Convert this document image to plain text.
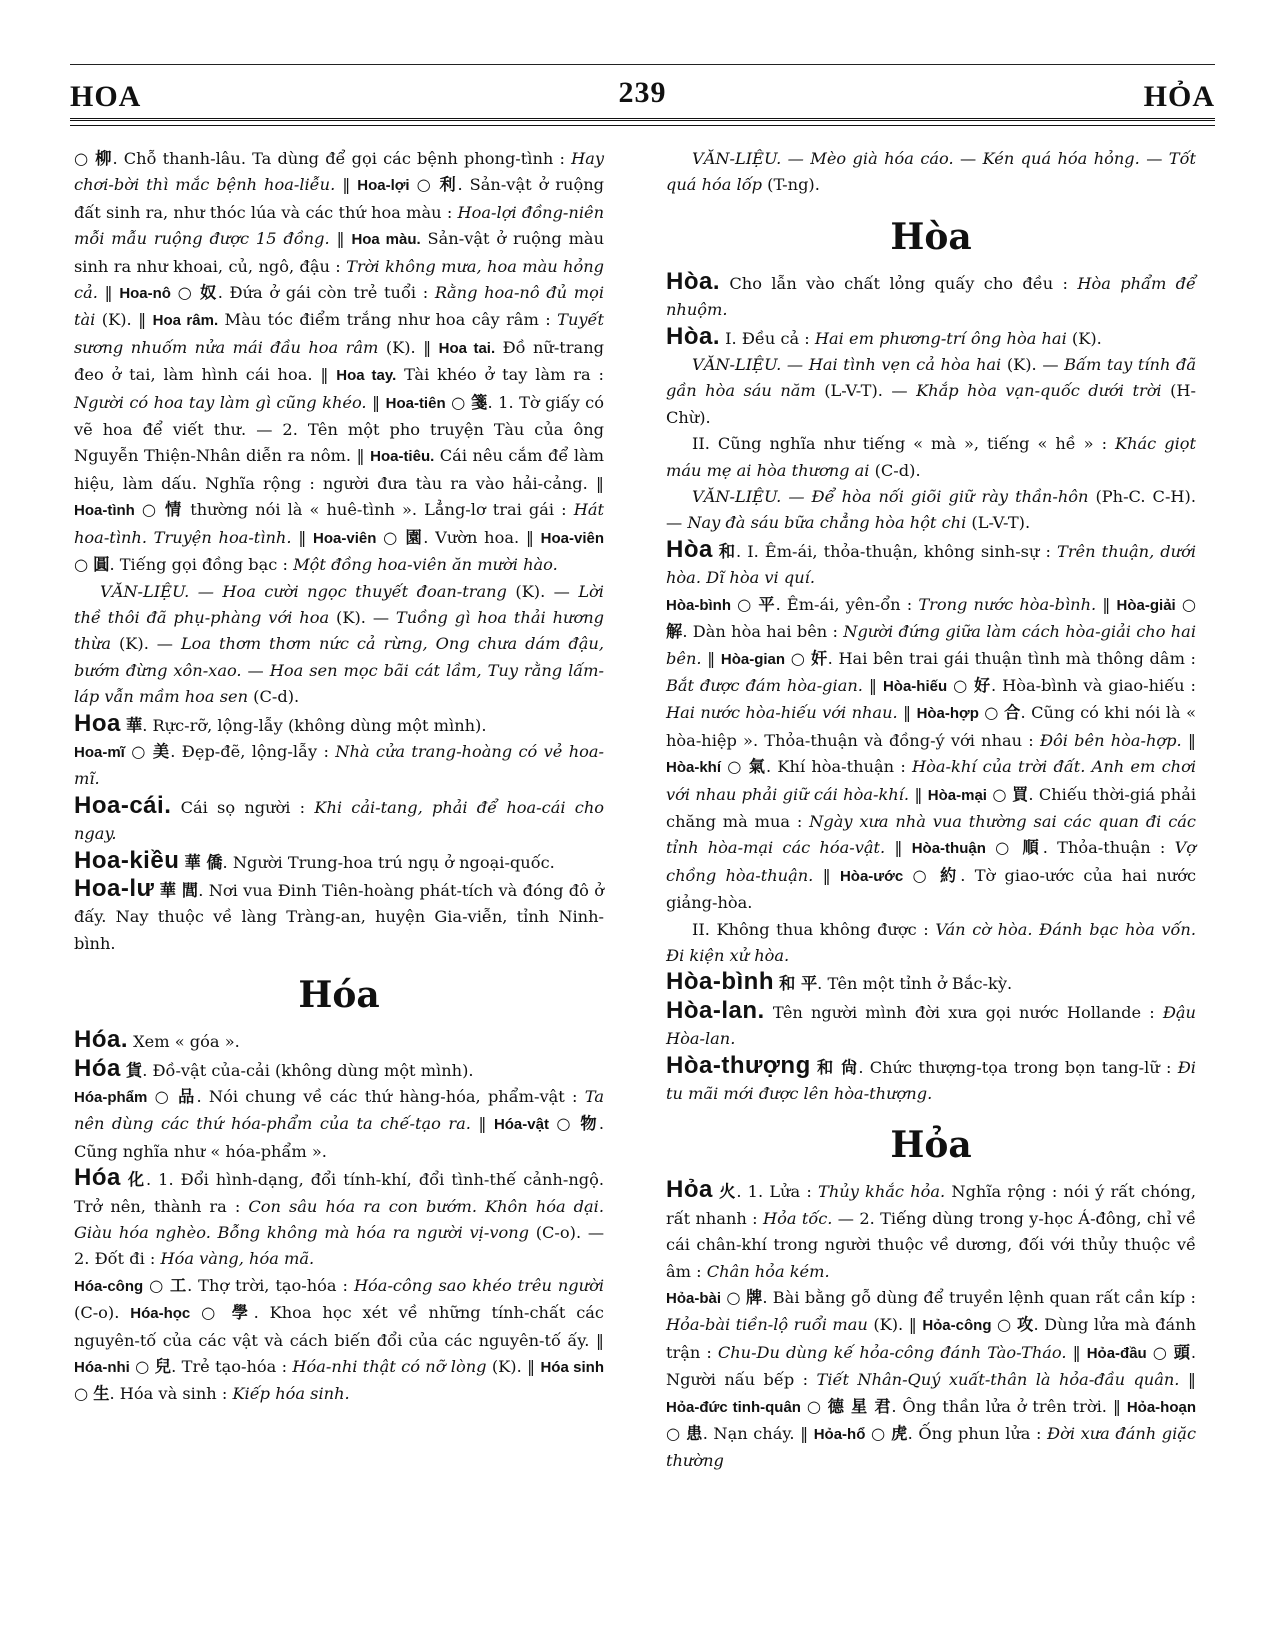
HOA	239	HỎA

○ 柳. Chỗ thanh-lâu. Ta dùng để gọi các bệnh phong-tình : Hay chơi-bời thì mắc bệnh hoa-liễu. ‖ Hoa-lợi ○ 利. Sản-vật ở ruộng đất sinh ra, như thóc lúa và các thứ hoa màu : Hoa-lợi đồng-niên mỗi mẫu ruộng được 15 đồng. ‖ Hoa màu. Sản-vật ở ruộng màu sinh ra như khoai, củ, ngô, đậu : Trời không mưa, hoa màu hỏng cả. ‖ Hoa-nô ○ 奴. Đứa ở gái còn trẻ tuổi : Rằng hoa-nô đủ mọi tài (K). ‖ Hoa râm. Màu tóc điểm trắng như hoa cây râm : Tuyết sương nhuốm nửa mái đầu hoa râm (K). ‖ Hoa tai. Đồ nữ-trang đeo ở tai, làm hình cái hoa. ‖ Hoa tay. Tài khéo ở tay làm ra : Người có hoa tay làm gì cũng khéo. ‖ Hoa-tiên ○ 箋. 1. Tờ giấy có vẽ hoa để viết thư. — 2. Tên một pho truyện Tàu của ông Nguyễn Thiện-Nhân diễn ra nôm. ‖ Hoa-tiêu. Cái nêu cắm để làm hiệu, làm dấu. Nghĩa rộng : người đưa tàu ra vào hải-cảng. ‖ Hoa-tình ○ 情 thường nói là « huê-tình ». Lẳng-lơ trai gái : Hát hoa-tình. Truyện hoa-tình. ‖ Hoa-viên ○ 園. Vườn hoa. ‖ Hoa-viên ○ 圓. Tiếng gọi đồng bạc : Một đồng hoa-viên ăn mười hào.

VĂN-LIỆU. — Hoa cười ngọc thuyết đoan-trang (K). — Lời thề thôi đã phụ-phàng với hoa (K). — Tuồng gì hoa thải hương thừa (K). — Loa thơm thơm nức cả rừng, Ong chưa dám đậu, bướm đừng xôn-xao. — Hoa sen mọc bãi cát lầm, Tuy rằng lấm-láp vẫn mầm hoa sen (C-d).

Hoa 華. Rực-rỡ, lộng-lẫy (không dùng một mình).

Hoa-mĩ ○ 美. Đẹp-đẽ, lộng-lẫy : Nhà cửa trang-hoàng có vẻ hoa-mĩ.

Hoa-cái. Cái sọ người : Khi cải-tang, phải để hoa-cái cho ngay.

Hoa-kiều 華 僑. Người Trung-hoa trú ngụ ở ngoại-quốc.

Hoa-lư 華 閭. Nơi vua Đinh Tiên-hoàng phát-tích và đóng đô ở đấy. Nay thuộc về làng Tràng-an, huyện Gia-viễn, tỉnh Ninh-bình.

Hóa

Hóa. Xem « góa ».

Hóa 貨. Đồ-vật của-cải (không dùng một mình).

Hóa-phẩm ○ 品. Nói chung về các thứ hàng-hóa, phẩm-vật : Ta nên dùng các thứ hóa-phẩm của ta chế-tạo ra. ‖ Hóa-vật ○ 物. Cũng nghĩa như « hóa-phẩm ».

Hóa 化. 1. Đổi hình-dạng, đổi tính-khí, đổi tình-thế cảnh-ngộ. Trở nên, thành ra : Con sâu hóa ra con bướm. Khôn hóa dại. Giàu hóa nghèo. Bỗng không mà hóa ra người vị-vong (C-o). — 2. Đốt đi : Hóa vàng, hóa mã.

Hóa-công ○ 工. Thợ trời, tạo-hóa : Hóa-công sao khéo trêu người (C-o). Hóa-học ○ 學. Khoa học xét về những tính-chất các nguyên-tố của các vật và cách biến đổi của các nguyên-tố ấy. ‖ Hóa-nhi ○ 兒. Trẻ tạo-hóa : Hóa-nhi thật có nỡ lòng (K). ‖ Hóa sinh ○ 生. Hóa và sinh : Kiếp hóa sinh.

VĂN-LIỆU. — Mèo già hóa cáo. — Kén quá hóa hỏng. — Tốt quá hóa lốp (T-ng).

Hòa

Hòa. Cho lẫn vào chất lỏng quấy cho đều : Hòa phẩm để nhuộm.

Hòa. I. Đều cả : Hai em phương-trí ông hòa hai (K).

VĂN-LIỆU. — Hai tình vẹn cả hòa hai (K). — Bấm tay tính đã gần hòa sáu năm (L-V-T). — Khắp hòa vạn-quốc dưới trời (H-Chừ).

II. Cũng nghĩa như tiếng « mà », tiếng « hề » : Khác giọt máu mẹ ai hòa thương ai (C-d).

VĂN-LIỆU. — Để hòa nối giõi giữ rày thần-hôn (Ph-C. C-H). — Nay đà sáu bữa chẳng hòa hột chi (L-V-T).

Hòa 和. I. Êm-ái, thỏa-thuận, không sinh-sự : Trên thuận, dưới hòa. Dĩ hòa vi quí.

Hòa-bình ○ 平. Êm-ái, yên-ổn : Trong nước hòa-bình. ‖ Hòa-giải ○ 解. Dàn hòa hai bên : Người đứng giữa làm cách hòa-giải cho hai bên. ‖ Hòa-gian ○ 奸. Hai bên trai gái thuận tình mà thông dâm : Bắt được đám hòa-gian. ‖ Hòa-hiếu ○ 好. Hòa-bình và giao-hiếu : Hai nước hòa-hiếu với nhau. ‖ Hòa-hợp ○ 合. Cũng có khi nói là « hòa-hiệp ». Thỏa-thuận và đồng-ý với nhau : Đôi bên hòa-hợp. ‖ Hòa-khí ○ 氣. Khí hòa-thuận : Hòa-khí của trời đất. Anh em chơi với nhau phải giữ cái hòa-khí. ‖ Hòa-mại ○ 買. Chiếu thời-giá phải chăng mà mua : Ngày xưa nhà vua thường sai các quan đi các tỉnh hòa-mại các hóa-vật. ‖ Hòa-thuận ○ 順. Thỏa-thuận : Vợ chồng hòa-thuận. ‖ Hòa-ước ○ 約. Tờ giao-ước của hai nước giảng-hòa.

II. Không thua không được : Ván cờ hòa. Đánh bạc hòa vốn. Đi kiện xử hòa.

Hòa-bình 和 平. Tên một tỉnh ở Bắc-kỳ.

Hòa-lan. Tên người mình đời xưa gọi nước Hollande : Đậu Hòa-lan.

Hòa-thượng 和 尙. Chức thượng-tọa trong bọn tang-lữ : Đi tu mãi mới được lên hòa-thượng.

Hỏa

Hỏa 火. 1. Lửa : Thủy khắc hỏa. Nghĩa rộng : nói ý rất chóng, rất nhanh : Hỏa tốc. — 2. Tiếng dùng trong y-học Á-đông, chỉ về cái chân-khí trong người thuộc về dương, đối với thủy thuộc về âm : Chân hỏa kém.

Hỏa-bài ○ 牌. Bài bằng gỗ dùng để truyền lệnh quan rất cần kíp : Hỏa-bài tiền-lộ ruổi mau (K). ‖ Hỏa-công ○ 攻. Dùng lửa mà đánh trận : Chu-Du dùng kế hỏa-công đánh Tào-Tháo. ‖ Hỏa-đầu ○ 頭. Người nấu bếp : Tiết Nhân-Quý xuất-thân là hỏa-đầu quân. ‖ Hỏa-đức tinh-quân ○ 德 星 君. Ông thần lửa ở trên trời. ‖ Hỏa-hoạn ○ 患. Nạn cháy. ‖ Hỏa-hổ ○ 虎. Ống phun lửa : Đời xưa đánh giặc thường
